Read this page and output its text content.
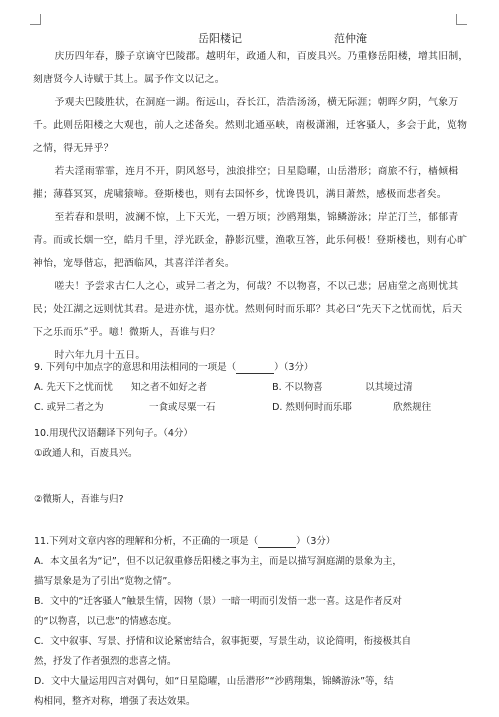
岳阳楼记	范仲淹

庆历四年春，滕子京谪守巴陵郡。越明年，政通人和，百废具兴。乃重修岳阳楼，增其旧制，刻唐贤今人诗赋于其上。属予作文以记之。

予观夫巴陵胜状，在洞庭一湖。衔远山，吞长江，浩浩汤汤，横无际涯；朝晖夕阴，气象万千。此则岳阳楼之大观也，前人之述备矣。然则北通巫峡，南极潇湘，迁客骚人，多会于此，览物之情，得无异乎？

若夫淫雨霏霏，连月不开，阴风怒号，浊浪排空；日星隐曜，山岳潜形；商旅不行，樯倾楫摧；薄暮冥冥，虎啸猿啼。登斯楼也，则有去国怀乡，忧谗畏讥，满目萧然，感极而悲者矣。

至若春和景明，波澜不惊，上下天光，一碧万顷；沙鸥翔集，锦鳞游泳；岸芷汀兰，郁郁青青。而或长烟一空，皓月千里，浮光跃金，静影沉璧，渔歌互答，此乐何极！登斯楼也，则有心旷神怡，宠辱偕忘，把酒临风，其喜洋洋者矣。

嗟夫！予尝求古仁人之心，或异二者之为，何哉？不以物喜，不以己悲；居庙堂之高则忧其民；处江湖之远则忧其君。是进亦忧，退亦忧。然则何时而乐耶？其必曰“先天下之忧而忧，后天下之乐而乐”乎。噫！微斯人，吾谁与归？

时六年九月十五日。

9. 下列句中加点字的意思和用法相同的一项是（	）（3分）
A. 先天下之忧而忧 知之者不如好之者	B. 不以物喜	以其境过清
C. 或异二者之为	一食或尽粟一石	D. 然则何时而乐耶	欣然规往
10.用现代汉语翻译下列句子。（4分）
①政通人和，百废具兴。
②微斯人，吾谁与归?
11.下列对文章内容的理解和分析，不正确的一项是（	）（3分）
A．本文虽名为“记”，但不以记叙重修岳阳楼之事为主，而是以描写洞庭湖的景象为主，
描写景象是为了引出“览物之情”。
B．文中的“迁客骚人”触景生情，因物（景）一暗一明而引发悟一悲一喜。这是作者反对
的“以物喜，以已悲”的情感态度。
C．文中叙事、写景、抒情和议论紧密结合，叙事扼要，写景生动，议论简明，衔接极其自
然，抒发了作者强烈的悲喜之情。
D．文中大量运用四言对偶句，如“日星隐曜，山岳潜形”“沙鸥翔集，锦鳞游泳”等，结
构相同，整齐对称，增强了表达效果。
